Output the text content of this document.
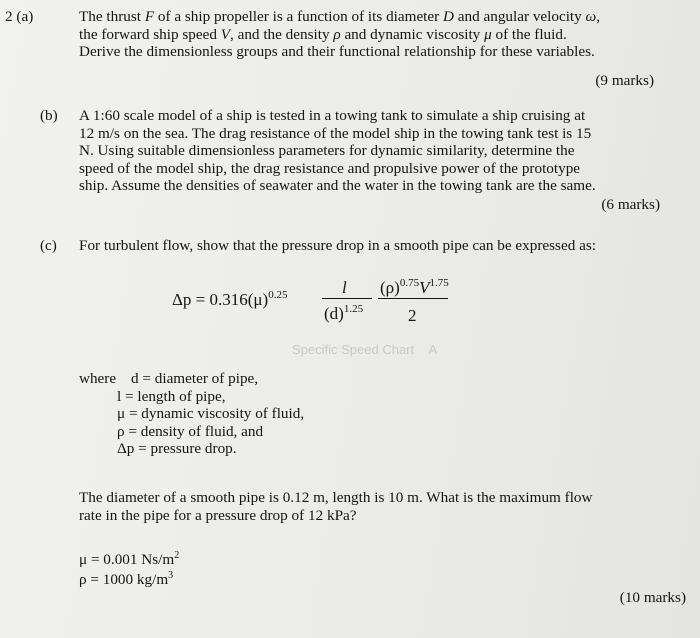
Specific Speed Chart A
2 (a)	The thrust F of a ship propeller is a function of its diameter D and angular velocity ω,
the forward ship speed V, and the density ρ and dynamic viscosity μ of the fluid.
Derive the dimensionless groups and their functional relationship for these variables.
(9 marks)
(b) A 1:60 scale model of a ship is tested in a towing tank to simulate a ship cruising at
12 m/s on the sea. The drag resistance of the model ship in the towing tank test is 15
N. Using suitable dimensionless parameters for dynamic similarity, determine the
speed of the model ship, the drag resistance and propulsive power of the prototype
ship. Assume the densities of seawater and the water in the towing tank are the same.
(6 marks)
(c) For turbulent flow, show that the pressure drop in a smooth pipe can be expressed as:
$\Delta p = 0.316(\mu)^{0.25}$	l
$(d)^{1.25}$
$(\rho)^{0.75}V^{1.75}$
2
where d = diameter of pipe,
l = length of pipe,
μ = dynamic viscosity of fluid,
ρ = density of fluid, and
Δp = pressure drop.
The diameter of a smooth pipe is 0.12 m, length is 10 m. What is the maximum flow
rate in the pipe for a pressure drop of 12 kPa?
μ = 0.001 $Ns/m^2$
ρ = 1000 $kg/m^3$
(10 marks)
